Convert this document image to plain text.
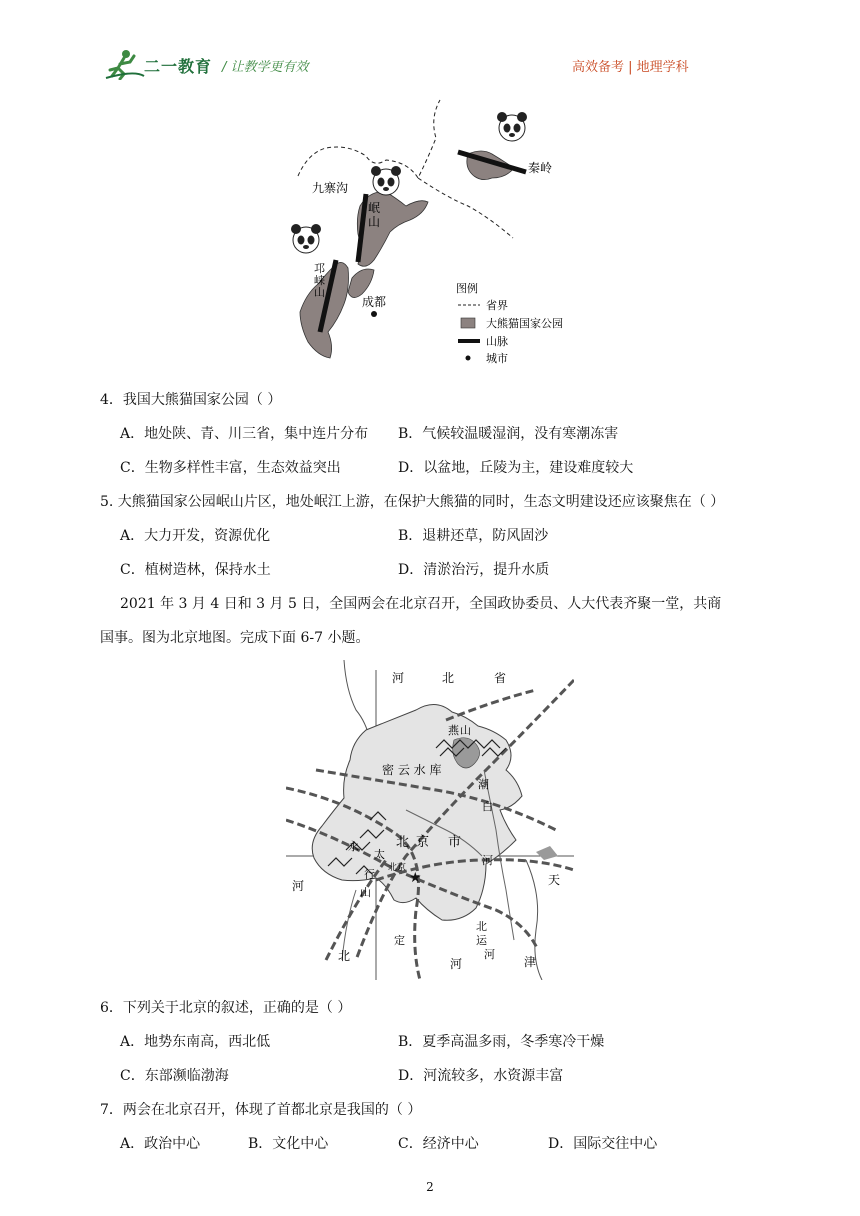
二一教育 / 让教学更有效	高效备考 | 地理学科
九寨沟
秦岭
岷
山
邛
崃
山
成都
图例
省界
大熊猫国家公园
山脉
城市
4．我国大熊猫国家公园（ ）
A．地处陕、青、川三省，集中连片分布 B．气候较温暖湿润，没有寒潮冻害
C．生物多样性丰富，生态效益突出	D．以盆地，丘陵为主，建设难度较大
5. 大熊猫国家公园岷山片区，地处岷江上游，在保护大熊猫的同时，生态文明建设还应该聚焦在（ ）
A．大力开发，资源优化	B．退耕还草，防风固沙
C．植树造林，保持水土	D．清淤治污，提升水质
2021 年 3 月 4 日和 3 月 5 日，全国两会在北京召开，全国政协委员、人大代表齐聚一堂，共商
国事。图为北京地图。完成下面 6-7 小题。
★
河	北	省
燕 山
密 云 水 库
潮
白
河
北 京 市
永
太
行
山
北京
河	天
北
定
北
运
河
河	津
6．下列关于北京的叙述，正确的是（ ）
A．地势东南高，西北低	B．夏季高温多雨，冬季寒冷干燥
C．东部濒临渤海	D．河流较多，水资源丰富
7．两会在北京召开，体现了首都北京是我国的（ ）
A．政治中心	B．文化中心	C．经济中心	D．国际交往中心
2
